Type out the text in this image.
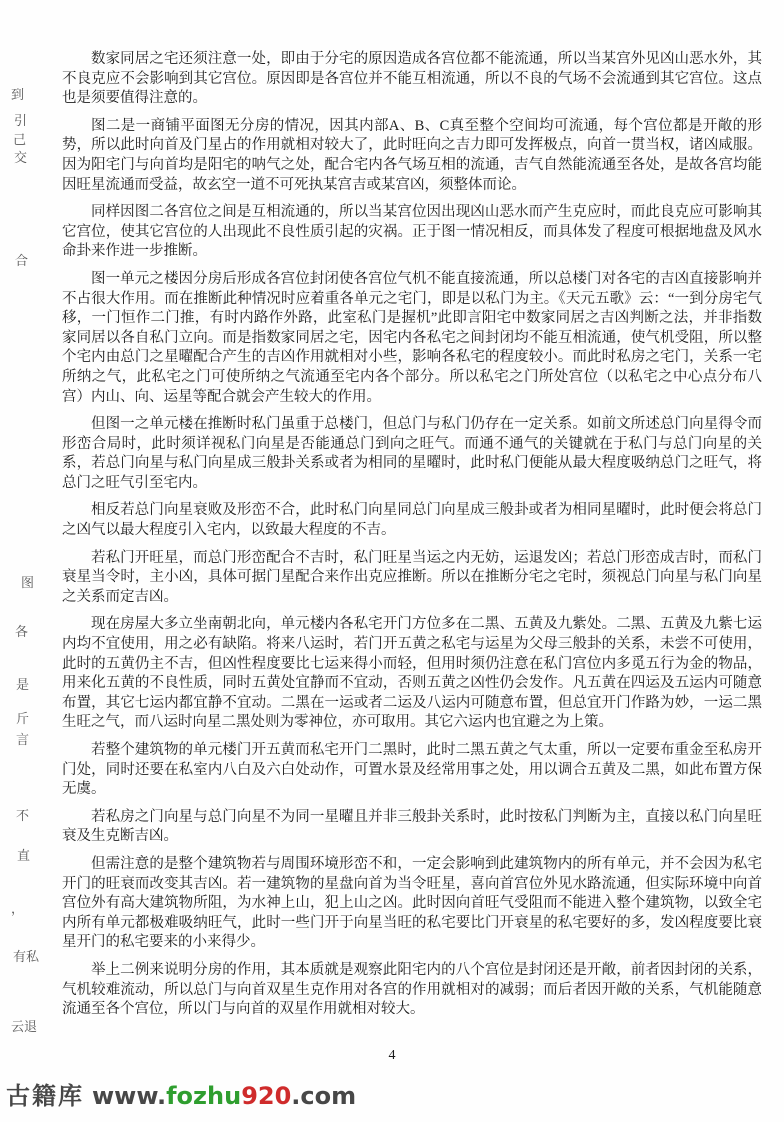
数家同居之宅还须注意一处，即由于分宅的原因造成各宫位都不能流通，所以当某宫外见凶山恶水外，其不良克应不会影响到其它宫位。原因即是各宫位并不能互相流通，所以不良的气场不会流通到其它宫位。这点也是须要值得注意的。

图二是一商铺平面图无分房的情况，因其内部A、B、C真至整个空间均可流通，每个宫位都是开敞的形势，所以此时向首及门星占的作用就相对较大了，此时旺向之吉力即可发挥极点，向首一贯当权，诸凶咸服。因为阳宅门与向首均是阳宅的呐气之处，配合宅内各气场互相的流通，吉气自然能流通至各处，是故各宫均能因旺星流通而受益，故玄空一道不可死执某宫吉或某宫凶，须整体而论。

同样因图二各宫位之间是互相流通的，所以当某宫位因出现凶山恶水而产生克应时，而此良克应可影响其它宫位，使其它宫位的人出现此不良性质引起的灾祸。正于图一情况相反，而具体发了程度可根据地盘及风水命卦来作进一步推断。

图一单元之楼因分房后形成各宫位封闭使各宫位气机不能直接流通，所以总楼门对各宅的吉凶直接影响并不占很大作用。而在推断此种情况时应着重各单元之宅门，即是以私门为主。《天元五歌》云：“一到分房宅气移，一门恒作二门推，有时内路作外路，此室私门是握机”此即言阳宅中数家同居之吉凶判断之法，并非指数家同居以各自私门立向。而是指数家同居之宅，因宅内各私宅之间封闭均不能互相流通，使气机受阻，所以整个宅内由总门之星曜配合产生的吉凶作用就相对小些，影响各私宅的程度较小。而此时私房之宅门，关系一宅所纳之气，此私宅之门可使所纳之气流通至宅内各个部分。所以私宅之门所处宫位（以私宅之中心点分布八宫）内山、向、运星等配合就会产生较大的作用。

但图一之单元楼在推断时私门虽重于总楼门，但总门与私门仍存在一定关系。如前文所述总门向星得令而形峦合局时，此时须详视私门向星是否能通总门到向之旺气。而通不通气的关键就在于私门与总门向星的关系，若总门向星与私门向星成三般卦关系或者为相同的星曜时，此时私门便能从最大程度吸纳总门之旺气，将总门之旺气引至宅内。

相反若总门向星衰败及形峦不合，此时私门向星同总门向星成三般卦或者为相同星曜时，此时便会将总门之凶气以最大程度引入宅内，以致最大程度的不吉。

若私门开旺星，而总门形峦配合不吉时，私门旺星当运之内无妨，运退发凶；若总门形峦成吉时，而私门衰星当令时，主小凶，具体可据门星配合来作出克应推断。所以在推断分宅之宅时，须视总门向星与私门向星之关系而定吉凶。

现在房屋大多立坐南朝北向，单元楼内各私宅开门方位多在二黑、五黄及九紫处。二黑、五黄及九紫七运内均不宜使用，用之必有缺陷。将来八运时，若门开五黄之私宅与运星为父母三般卦的关系，未尝不可使用，此时的五黄仍主不吉，但凶性程度要比七运来得小而轻，但用时须仍注意在私门宫位内多觅五行为金的物品，用来化五黄的不良性质，同时五黄处宜静而不宜动，否则五黄之凶性仍会发作。凡五黄在四运及五运内可随意布置，其它七运内都宜静不宜动。二黑在一运或者二运及八运内可随意布置，但总宜开门作路为妙，一运二黑生旺之气，而八运时向星二黑处则为零神位，亦可取用。其它六运内也宜避之为上策。

若整个建筑物的单元楼门开五黄而私宅开门二黑时，此时二黑五黄之气太重，所以一定要布重金至私房开门处，同时还要在私室内八白及六白处动作，可置水景及经常用事之处，用以调合五黄及二黑，如此布置方保无虞。

若私房之门向星与总门向星不为同一星曜且并非三般卦关系时，此时按私门判断为主，直接以私门向星旺衰及生克断吉凶。

但需注意的是整个建筑物若与周围环境形峦不和，一定会影响到此建筑物内的所有单元，并不会因为私宅开门的旺衰而改变其吉凶。若一建筑物的星盘向首为当令旺星，喜向首宫位外见水路流通，但实际环境中向首宫位外有高大建筑物所阻，为水神上山，犯上山之凶。此时因向首旺气受阻而不能进入整个建筑物，以致全宅内所有单元都极难吸纳旺气，此时一些门开于向星当旺的私宅要比门开衰星的私宅要好的多，发凶程度要比衰星开门的私宅要来的小来得少。

举上二例来说明分房的作用，其本质就是观察此阳宅内的八个宫位是封闭还是开敞，前者因封闭的关系，气机较难流动，所以总门与向首双星生克作用对各宫的作用就相对的减弱；而后者因开敞的关系，气机能随意流通至各个宫位，所以门与向首的双星作用就相对较大。

到
引
己
交
合
图
各
是
斤
言
不
直
，
有私
云退
4
古籍库 www.fozhu920.com
